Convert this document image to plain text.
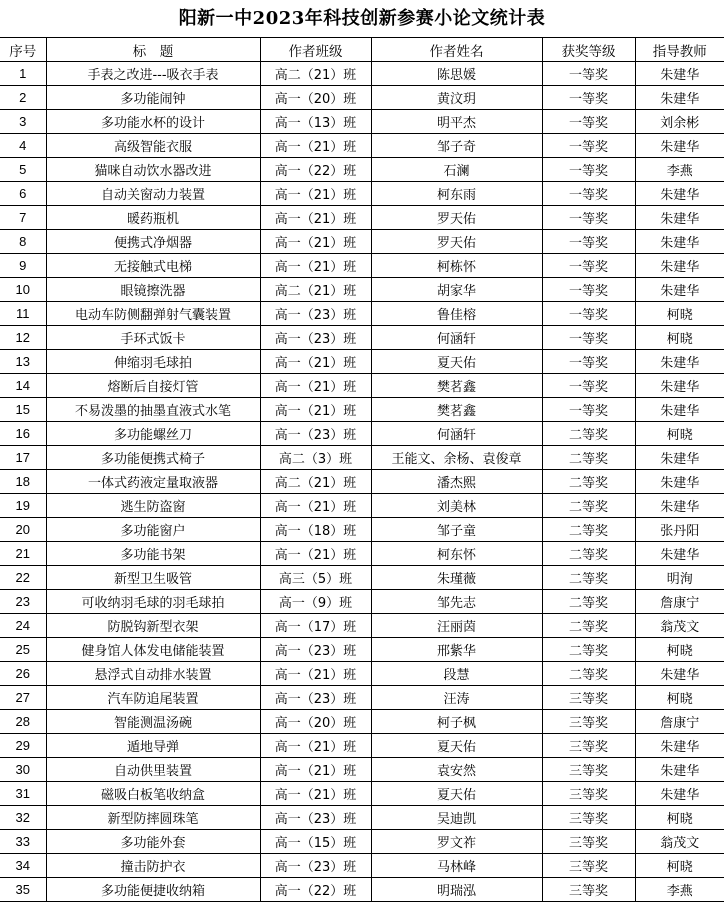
阳新一中2023年科技创新参赛小论文统计表
序号	标　题	作者班级	作者姓名	获奖等级	指导教师
1	手表之改进---吸衣手表	高二（21）班	陈思媛	一等奖	朱建华
2	多功能闹钟	高一（20）班	黄汶玥	一等奖	朱建华
3	多功能水杯的设计	高一（13）班	明平杰	一等奖	刘余彬
4	高级智能衣服	高一（21）班	邹子奇	一等奖	朱建华
5	猫咪自动饮水器改进	高一（22）班	石澜	一等奖	李燕
6	自动关窗动力装置	高一（21）班	柯东雨	一等奖	朱建华
7	暖药瓶机	高一（21）班	罗天佑	一等奖	朱建华
8	便携式净烟器	高一（21）班	罗天佑	一等奖	朱建华
9	无接触式电梯	高一（21）班	柯栋怀	一等奖	朱建华
10	眼镜擦洗器	高二（21）班	胡家华	一等奖	朱建华
11	电动车防侧翻弹射气囊装置	高一（23）班	鲁佳榕	一等奖	柯晓
12	手环式饭卡	高一（23）班	何涵轩	一等奖	柯晓
13	伸缩羽毛球拍	高一（21）班	夏天佑	一等奖	朱建华
14	熔断后自接灯管	高一（21）班	樊茗鑫	一等奖	朱建华
15	不易泼墨的抽墨直液式水笔	高一（21）班	樊茗鑫	一等奖	朱建华
16	多功能螺丝刀	高一（23）班	何涵轩	二等奖	柯晓
17	多功能便携式椅子	高二（3）班	王能文、余杨、袁俊章	二等奖	朱建华
18	一体式药液定量取液器	高二（21）班	潘杰熙	二等奖	朱建华
19	逃生防盗窗	高一（21）班	刘美林	二等奖	朱建华
20	多功能窗户	高一（18）班	邹子童	二等奖	张丹阳
21	多功能书架	高一（21）班	柯东怀	二等奖	朱建华
22	新型卫生吸管	高三（5）班	朱瑾薇	二等奖	明洵
23	可收纳羽毛球的羽毛球拍	高一（9）班	邹先志	二等奖	詹康宁
24	防脱钩新型衣架	高一（17）班	汪丽茵	二等奖	翁茂文
25	健身馆人体发电储能装置	高一（23）班	邢紫华	二等奖	柯晓
26	悬浮式自动排水装置	高一（21）班	段慧	二等奖	朱建华
27	汽车防追尾装置	高一（23）班	汪涛	三等奖	柯晓
28	智能测温汤碗	高一（20）班	柯子枫	三等奖	詹康宁
29	遁地导弹	高一（21）班	夏天佑	三等奖	朱建华
30	自动供里装置	高一（21）班	袁安然	三等奖	朱建华
31	磁吸白板笔收纳盒	高一（21）班	夏天佑	三等奖	朱建华
32	新型防摔圆珠笔	高一（23）班	吴迪凯	三等奖	柯晓
33	多功能外套	高一（15）班	罗文祚	三等奖	翁茂文
34	撞击防护衣	高一（23）班	马林峰	三等奖	柯晓
35	多功能便捷收纳箱	高一（22）班	明瑞泓	三等奖	李燕
